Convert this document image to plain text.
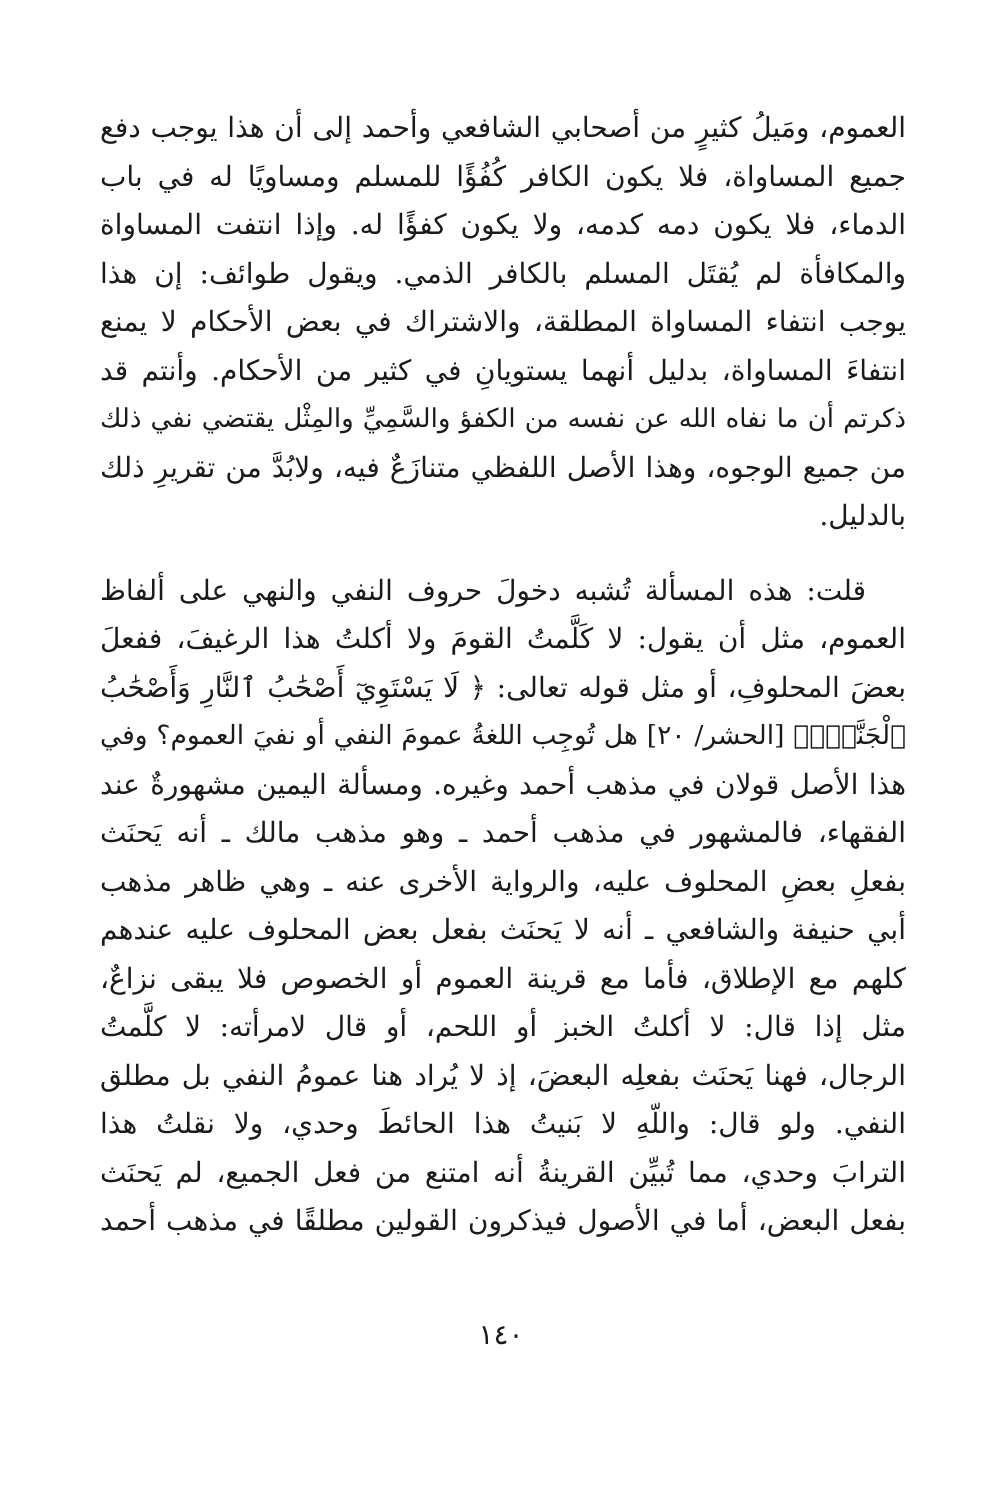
العموم، ومَيلُ كثيرٍ من أصحابي الشافعي وأحمد إلى أن هذا يوجب دفع
جميع المساواة، فلا يكون الكافر كُفُؤًا للمسلم ومساويًا له في باب
الدماء، فلا يكون دمه كدمه، ولا يكون كفؤًا له. وإذا انتفت المساواة
والمكافأة لم يُقتَل المسلم بالكافر الذمي. ويقول طوائف: إن هذا
يوجب انتفاء المساواة المطلقة، والاشتراك في بعض الأحكام لا يمنع
انتفاءَ المساواة، بدليل أنهما يستويانِ في كثير من الأحكام. وأنتم قد
ذكرتم أن ما نفاه الله عن نفسه من الكفؤ والسَّمِيِّ والمِثْل يقتضي نفي ذلك
من جميع الوجوه، وهذا الأصل اللفظي متنازَعٌ فيه، ولابُدَّ من تقريرِ ذلك
بالدليل.
قلت: هذه المسألة تُشبه دخولَ حروف النفي والنهي على ألفاظ
العموم، مثل أن يقول: لا كَلَّمتُ القومَ ولا أكلتُ هذا الرغيفَ، ففعلَ
بعضَ المحلوفِ، أو مثل قوله تعالى: ﴿ لَا يَسْتَوِيٓ أَصْحَٰبُ ٱلنَّارِ وَأَصْحَٰبُ
ٱلْجَنَّةِۚ﴾ [الحشر/ ٢٠] هل تُوجِب اللغةُ عمومَ النفي أو نفيَ العموم؟ وفي
هذا الأصل قولان في مذهب أحمد وغيره. ومسألة اليمين مشهورةٌ عند
الفقهاء، فالمشهور في مذهب أحمد ـ وهو مذهب مالك ـ أنه يَحنَث
بفعلِ بعضِ المحلوف عليه، والرواية الأخرى عنه ـ وهي ظاهر مذهب
أبي حنيفة والشافعي ـ أنه لا يَحنَث بفعل بعض المحلوف عليه عندهم
كلهم مع الإطلاق، فأما مع قرينة العموم أو الخصوص فلا يبقى نزاعٌ،
مثل إذا قال: لا أكلتُ الخبز أو اللحم، أو قال لامرأته: لا كلَّمتُ
الرجال، فهنا يَحنَث بفعلِه البعضَ، إذ لا يُراد هنا عمومُ النفي بل مطلق
النفي. ولو قال: واللّهِ لا بَنيتُ هذا الحائطَ وحدي، ولا نقلتُ هذا
الترابَ وحدي، مما تُبيِّن القرينةُ أنه امتنع من فعل الجميع، لم يَحنَث
بفعل البعض، أما في الأصول فيذكرون القولين مطلقًا في مذهب أحمد
١٤٠
